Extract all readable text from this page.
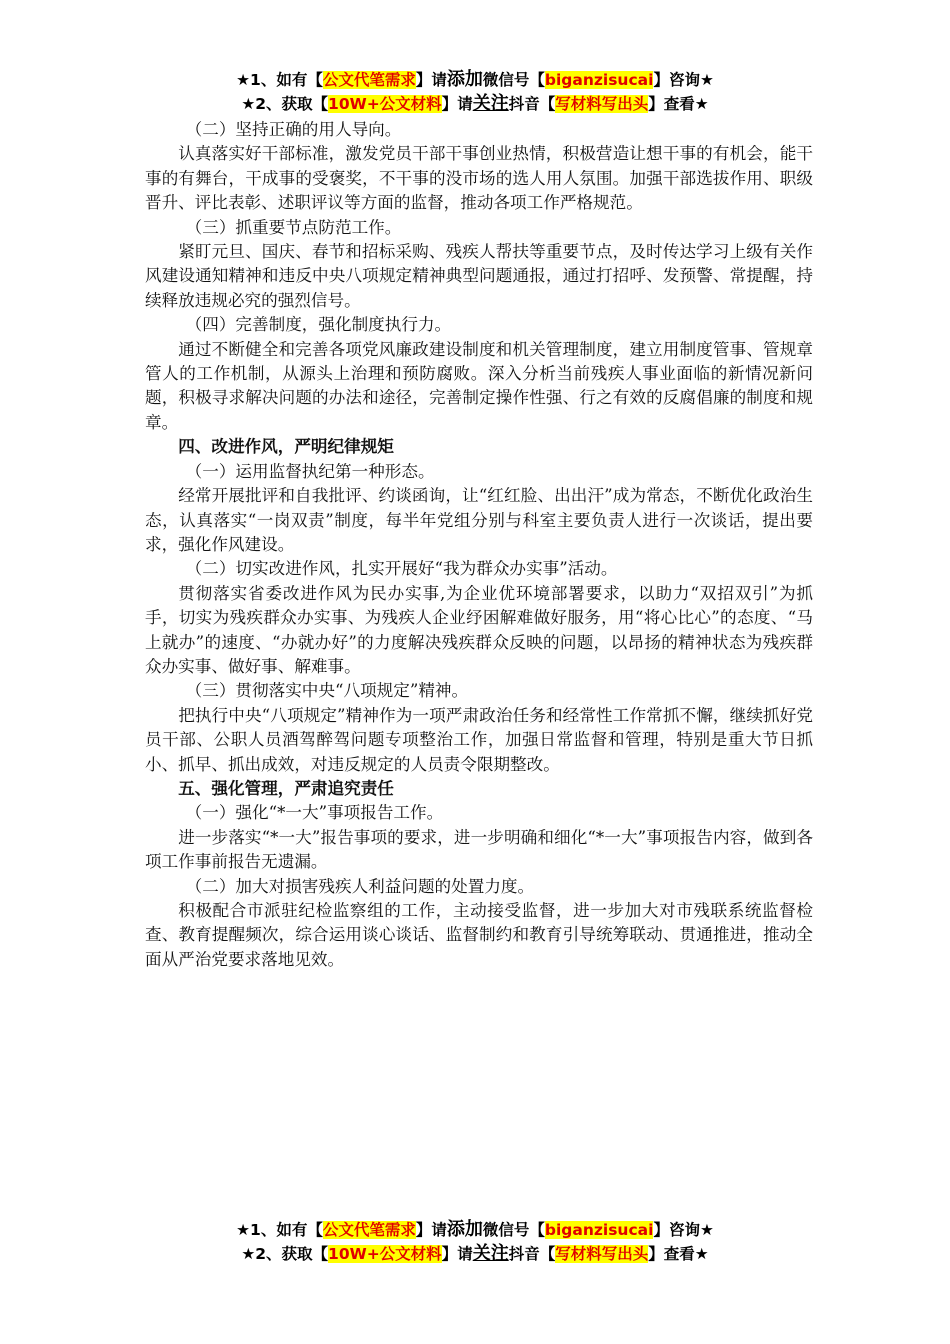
★1、如有【公文代笔需求】请添加微信号【biganzisucai】咨询★
★2、获取【10W+公文材料】请关注抖音【写材料写出头】查看★

（二）坚持正确的用人导向。

认真落实好干部标准，激发党员干部干事创业热情，积极营造让想干事的有机会，能干事的有舞台，干成事的受褒奖，不干事的没市场的选人用人氛围。加强干部选拔作用、职级晋升、评比表彰、述职评议等方面的监督，推动各项工作严格规范。

（三）抓重要节点防范工作。

紧盯元旦、国庆、春节和招标采购、残疾人帮扶等重要节点，及时传达学习上级有关作风建设通知精神和违反中央八项规定精神典型问题通报，通过打招呼、发预警、常提醒，持续释放违规必究的强烈信号。

（四）完善制度，强化制度执行力。

通过不断健全和完善各项党风廉政建设制度和机关管理制度，建立用制度管事、管规章管人的工作机制，从源头上治理和预防腐败。深入分析当前残疾人事业面临的新情况新问题，积极寻求解决问题的办法和途径，完善制定操作性强、行之有效的反腐倡廉的制度和规章。

四、改进作风，严明纪律规矩

（一）运用监督执纪第一种形态。

经常开展批评和自我批评、约谈函询，让“红红脸、出出汗”成为常态，不断优化政治生态，认真落实“一岗双责”制度，每半年党组分别与科室主要负责人进行一次谈话，提出要求，强化作风建设。

（二）切实改进作风，扎实开展好“我为群众办实事”活动。

贯彻落实省委改进作风为民办实事,为企业优环境部署要求，以助力“双招双引”为抓手，切实为残疾群众办实事、为残疾人企业纾困解难做好服务，用“将心比心”的态度、“马上就办”的速度、“办就办好”的力度解决残疾群众反映的问题，以昂扬的精神状态为残疾群众办实事、做好事、解难事。

（三）贯彻落实中央“八项规定”精神。

把执行中央“八项规定”精神作为一项严肃政治任务和经常性工作常抓不懈，继续抓好党员干部、公职人员酒驾醉驾问题专项整治工作，加强日常监督和管理，特别是重大节日抓小、抓早、抓出成效，对违反规定的人员责令限期整改。

五、强化管理，严肃追究责任

（一）强化“*一大”事项报告工作。

进一步落实“*一大”报告事项的要求，进一步明确和细化“*一大”事项报告内容，做到各项工作事前报告无遗漏。

（二）加大对损害残疾人利益问题的处置力度。

积极配合市派驻纪检监察组的工作，主动接受监督，进一步加大对市残联系统监督检查、教育提醒频次，综合运用谈心谈话、监督制约和教育引导统筹联动、贯通推进，推动全面从严治党要求落地见效。

★1、如有【公文代笔需求】请添加微信号【biganzisucai】咨询★
★2、获取【10W+公文材料】请关注抖音【写材料写出头】查看★
